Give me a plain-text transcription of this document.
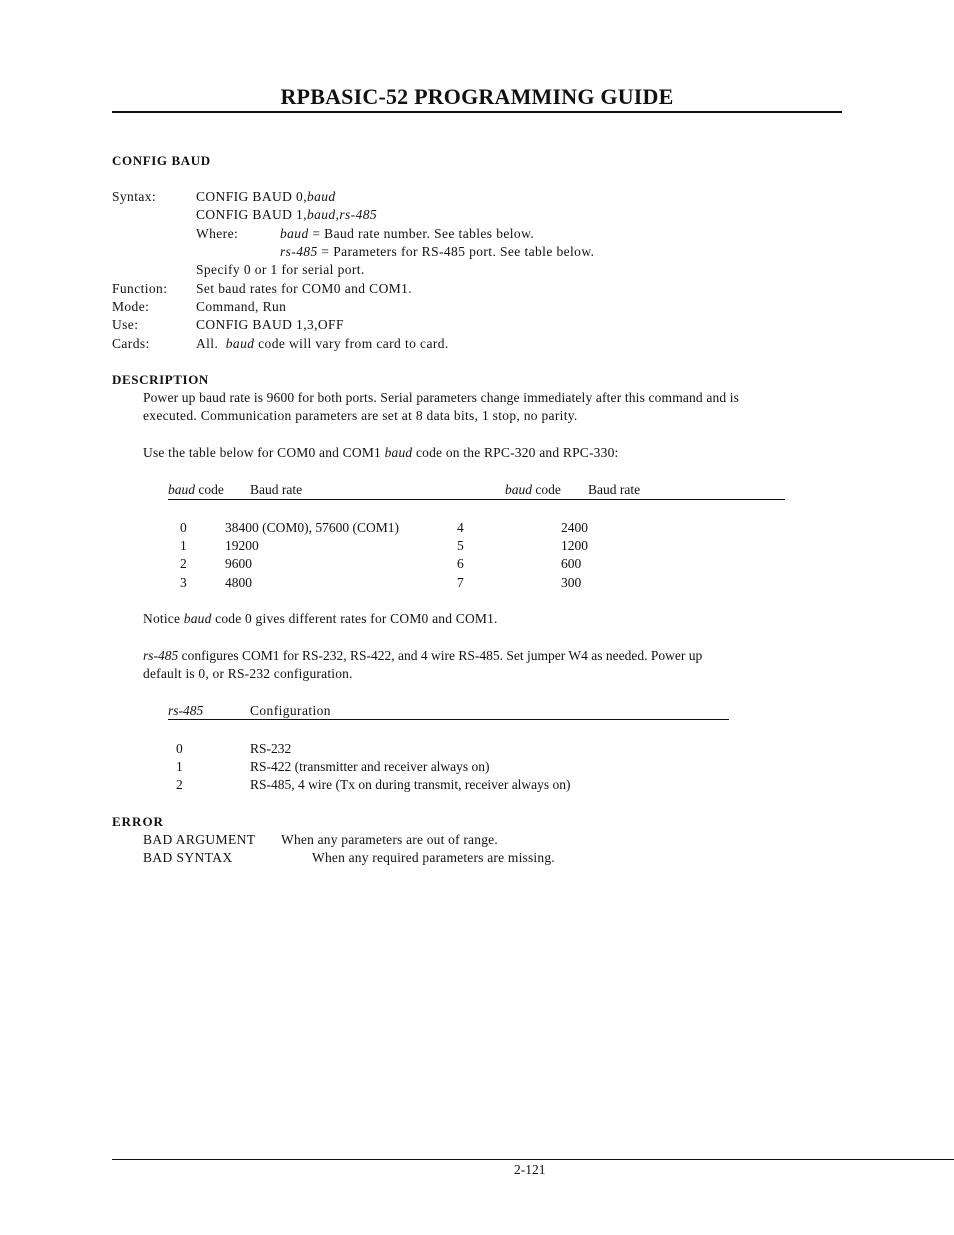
RPBASIC-52 PROGRAMMING GUIDE
CONFIG BAUD
Syntax:	CONFIG BAUD 0,baud
CONFIG BAUD 1,baud,rs-485
Where:	baud = Baud rate number. See tables below.
rs-485 = Parameters for RS-485 port. See table below.
Specify 0 or 1 for serial port.
Function: Set baud rates for COM0 and COM1.
Mode:	Command, Run
Use:	CONFIG BAUD 1,3,OFF
Cards:	All.  baud code will vary from card to card.
DESCRIPTION
Power up baud rate is 9600 for both ports. Serial parameters change immediately after this command and is
executed. Communication parameters are set at 8 data bits, 1 stop, no parity.
Use the table below for COM0 and COM1 baud code on the RPC-320 and RPC-330:
baud code Baud rate	baud code Baud rate
0	38400 (COM0), 57600 (COM1)	4	2400
1	19200	5	1200
2	9600	6	600
3	4800	7	300
Notice baud code 0 gives different rates for COM0 and COM1.
rs-485 configures COM1 for RS-232, RS-422, and 4 wire RS-485. Set jumper W4 as needed. Power up
default is 0, or RS-232 configuration.
rs-485	Configuration
0	RS-232
1	RS-422 (transmitter and receiver always on)
2	RS-485, 4 wire (Tx on during transmit, receiver always on)
ERROR
BAD ARGUMENT When any parameters are out of range.
BAD SYNTAX	When any required parameters are missing.
2-121
